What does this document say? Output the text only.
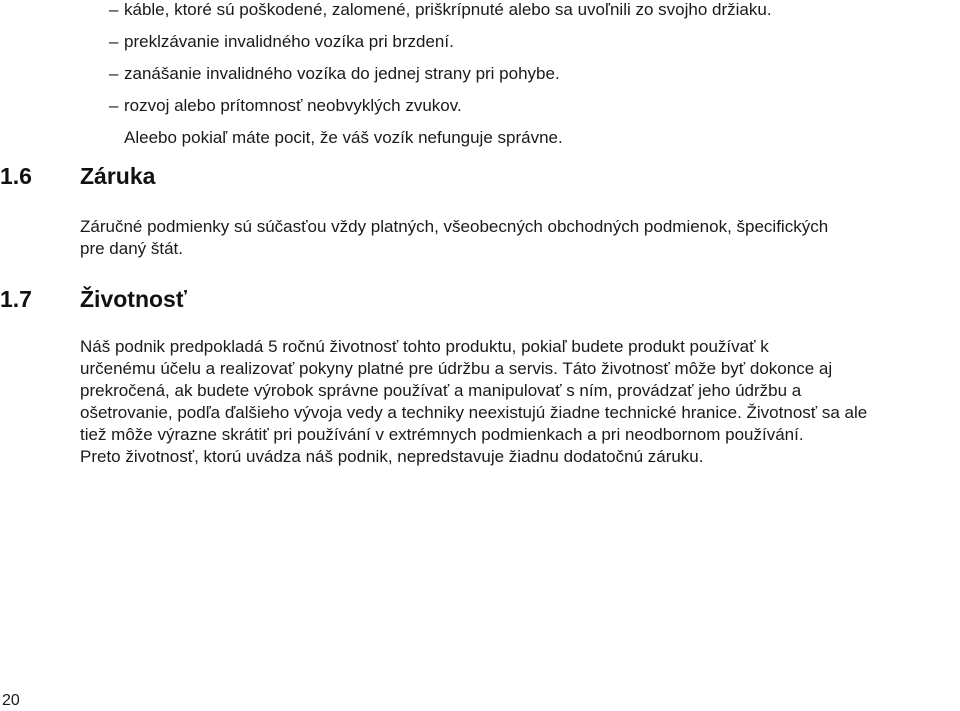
– káble, ktoré sú poškodené, zalomené, priškrípnuté alebo sa uvoľnili zo svojho držiaku.
– preklzávanie invalidného vozíka pri brzdení.
– zanášanie invalidného vozíka do jednej strany pri pohybe.
– rozvoj alebo prítomnosť neobvyklých zvukov.
Aleebo pokiaľ máte pocit, že váš vozík nefunguje správne.
1.6 Záruka
Záručné podmienky sú súčasťou vždy platných, všeobecných obchodných podmienok, špecifických
pre daný štát.
1.7 Životnosť
Náš podnik predpokladá 5 ročnú životnosť tohto produktu, pokiaľ budete produkt používať k
určenému účelu a realizovať pokyny platné pre údržbu a servis. Táto životnosť môže byť dokonce aj
prekročená, ak budete výrobok správne používať a manipulovať s ním, provádzať jeho údržbu a
ošetrovanie, podľa ďalšieho vývoja vedy a techniky neexistujú žiadne technické hranice. Životnosť sa ale
tiež môže výrazne skrátiť pri používání v extrémnych podmienkach a pri neodbornom používání.
Preto životnosť, ktorú uvádza náš podnik, nepredstavuje žiadnu dodatočnú záruku.
20
